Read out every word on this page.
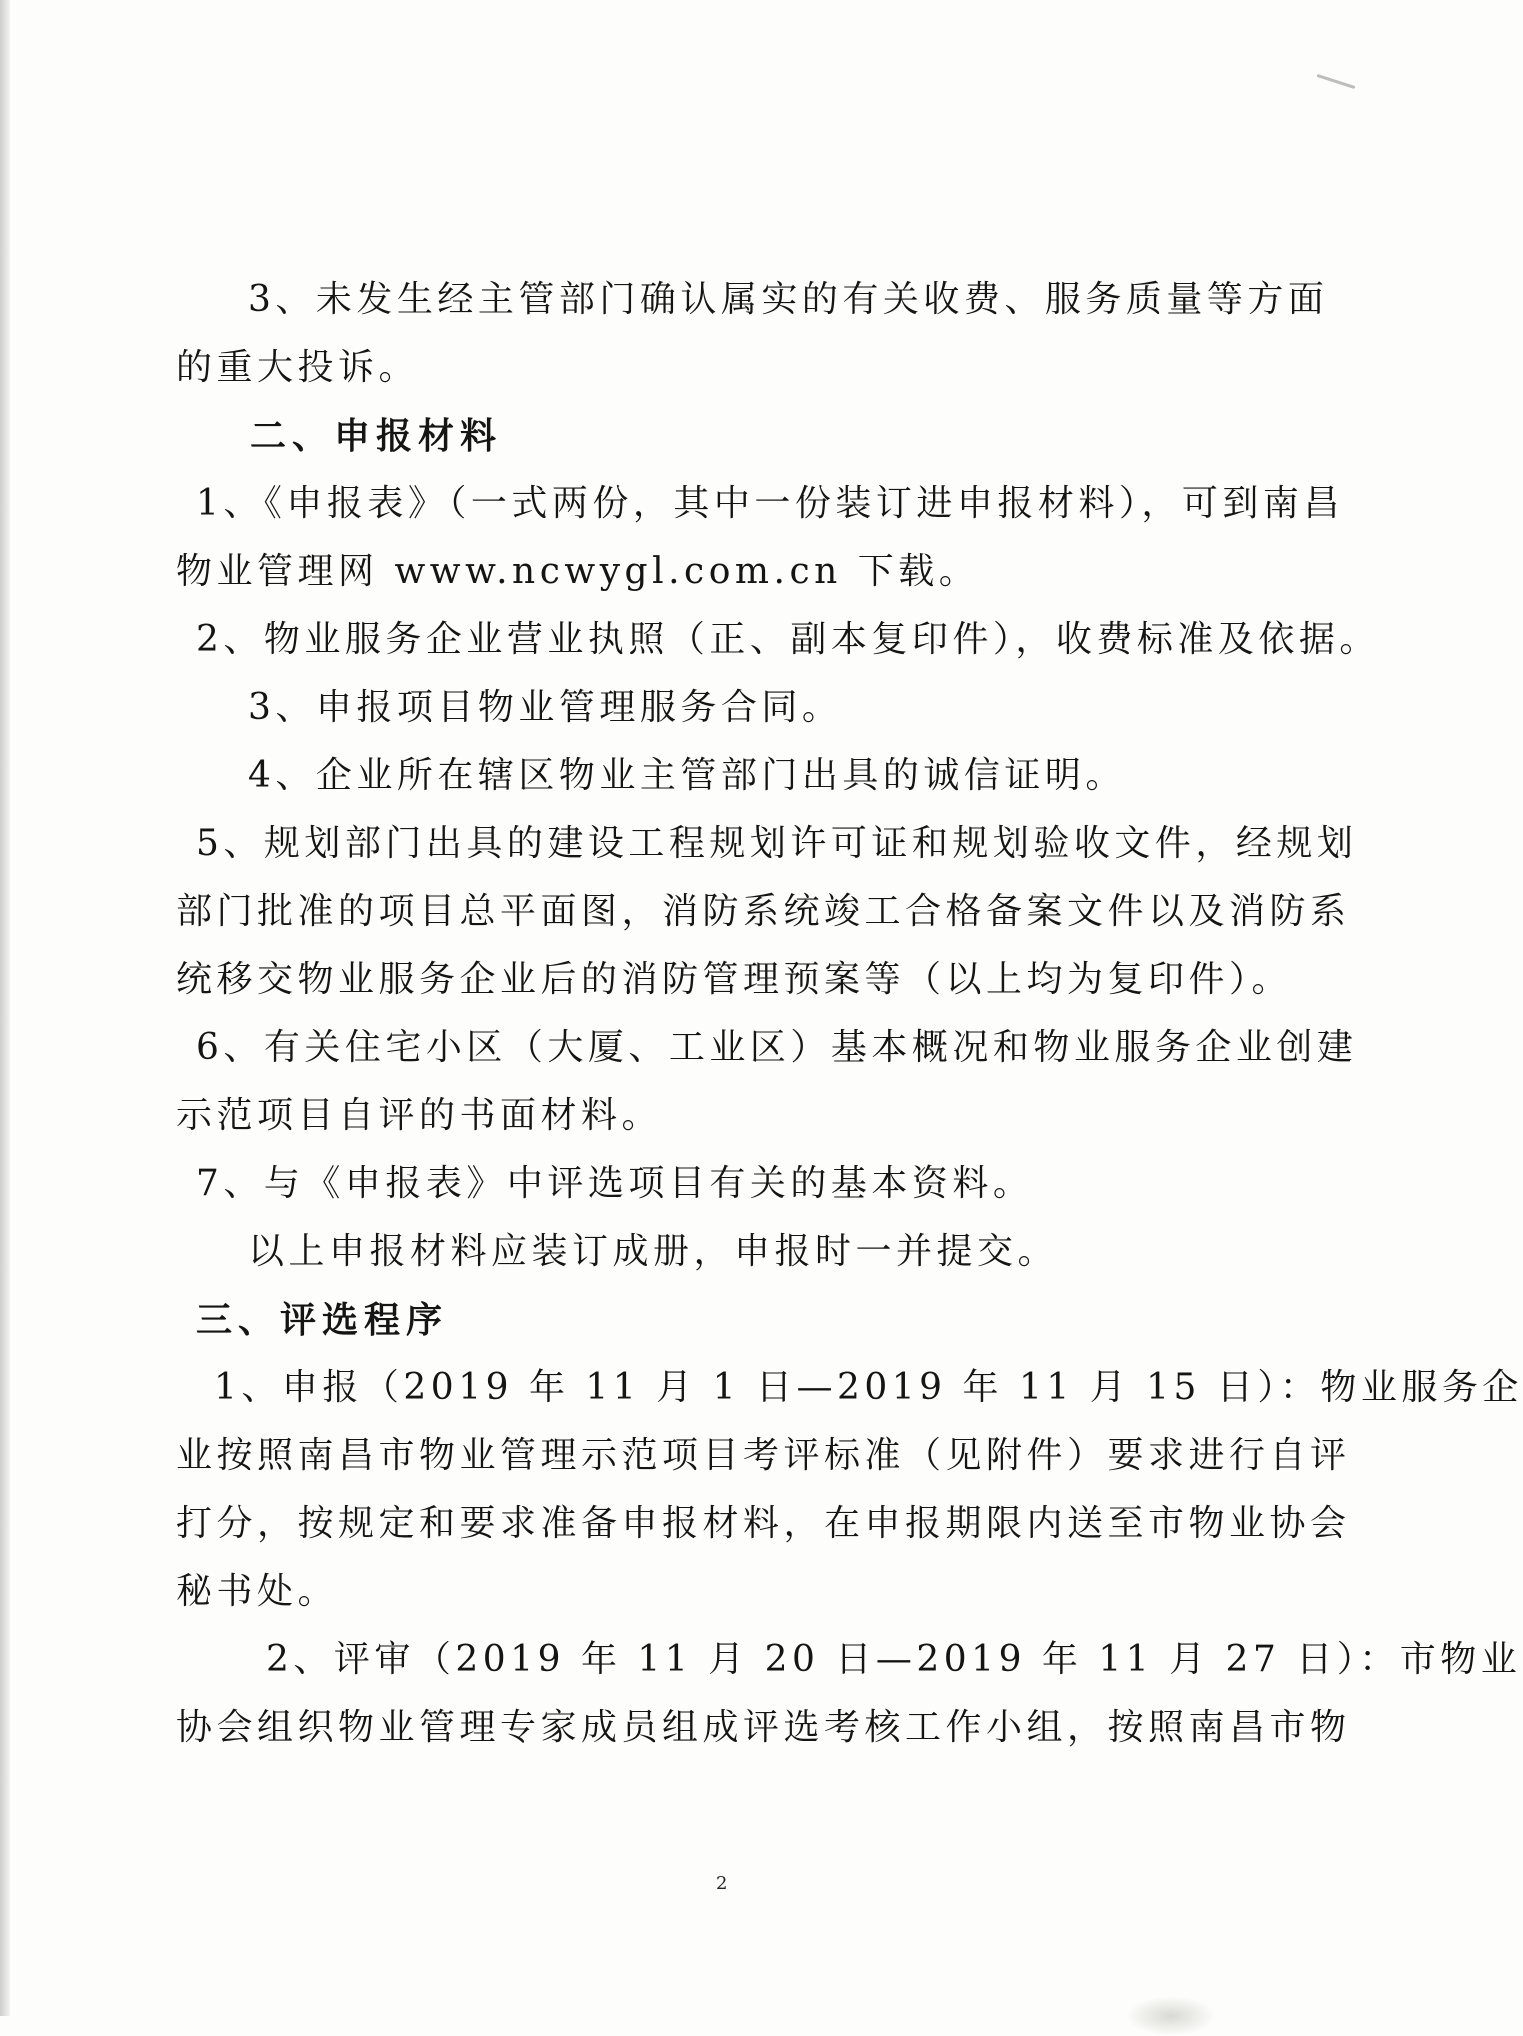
3、未发生经主管部门确认属实的有关收费、服务质量等方面
的重大投诉。
二、申报材料
1、《申报表》（一式两份，其中一份装订进申报材料），可到南昌
物业管理网 www.ncwygl.com.cn 下载。
2、物业服务企业营业执照（正、副本复印件），收费标准及依据。
3、申报项目物业管理服务合同。
4、企业所在辖区物业主管部门出具的诚信证明。
5、规划部门出具的建设工程规划许可证和规划验收文件，经规划
部门批准的项目总平面图，消防系统竣工合格备案文件以及消防系
统移交物业服务企业后的消防管理预案等（以上均为复印件）。
6、有关住宅小区（大厦、工业区）基本概况和物业服务企业创建
示范项目自评的书面材料。
7、与《申报表》中评选项目有关的基本资料。
以上申报材料应装订成册，申报时一并提交。
三、评选程序
1、申报（2019 年 11 月 1 日—2019 年 11 月 15 日）：物业服务企
业按照南昌市物业管理示范项目考评标准（见附件）要求进行自评
打分，按规定和要求准备申报材料，在申报期限内送至市物业协会
秘书处。
2、评审（2019 年 11 月 20 日—2019 年 11 月 27 日）：市物业
协会组织物业管理专家成员组成评选考核工作小组，按照南昌市物
2
